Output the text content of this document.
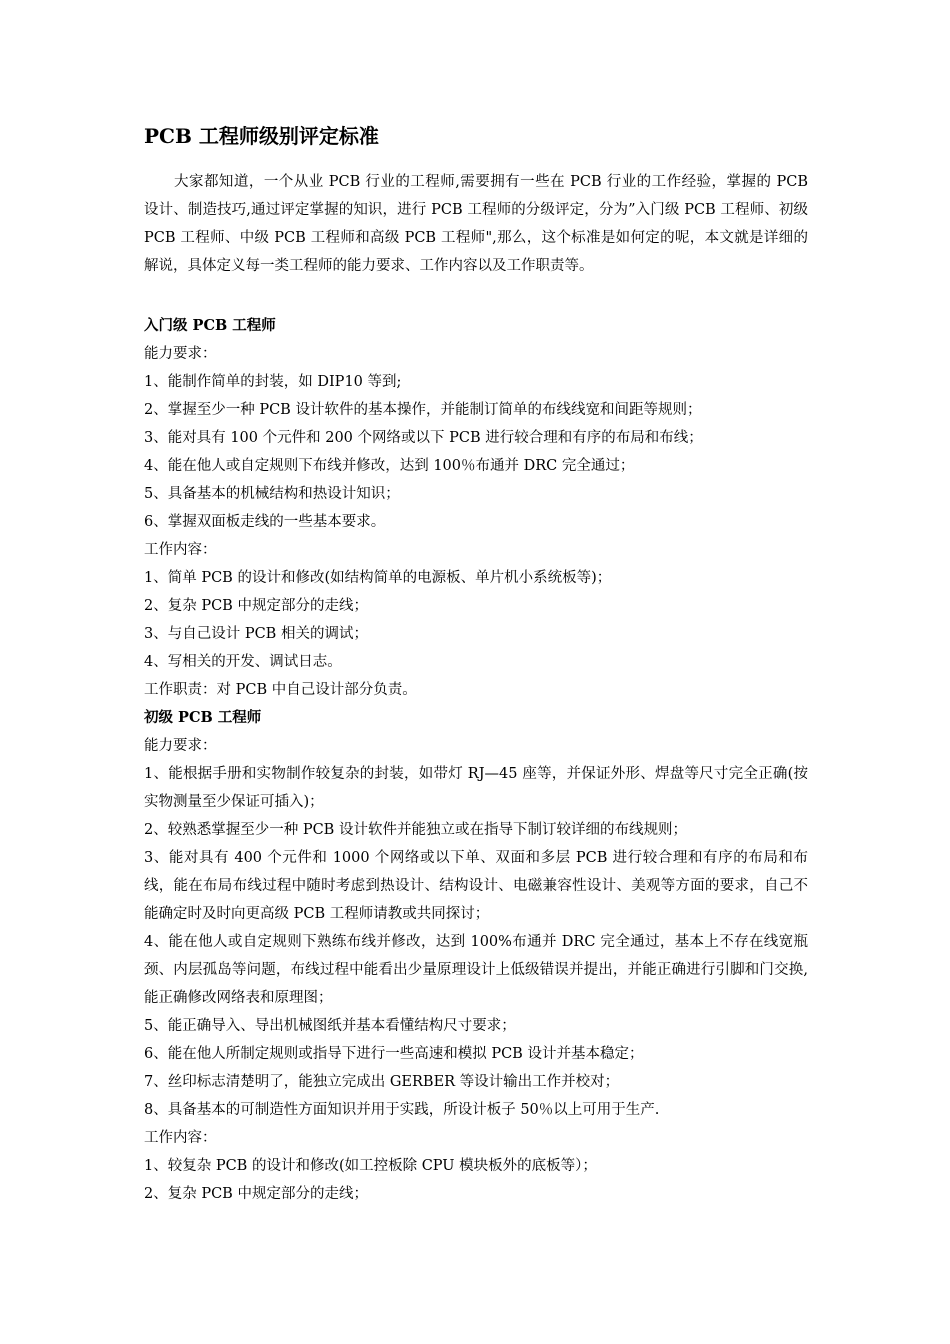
PCB 工程师级别评定标准

大家都知道，一个从业 PCB 行业的工程师,需要拥有一些在 PCB 行业的工作经验，掌握的 PCB 设计、制造技巧,通过评定掌握的知识，进行 PCB 工程师的分级评定，分为”入门级 PCB 工程师、初级 PCB 工程师、中级 PCB 工程师和高级 PCB 工程师",那么，这个标准是如何定的呢，本文就是详细的解说，具体定义每一类工程师的能力要求、工作内容以及工作职责等。

入门级 PCB 工程师

能力要求：

1、能制作简单的封装，如 DIP10 等到;

2、掌握至少一种 PCB 设计软件的基本操作，并能制订简单的布线线宽和间距等规则；

3、能对具有 100 个元件和 200 个网络或以下 PCB 进行较合理和有序的布局和布线；

4、能在他人或自定规则下布线并修改，达到 100％布通并 DRC 完全通过；

5、具备基本的机械结构和热设计知识；

6、掌握双面板走线的一些基本要求。

工作内容：

1、简单 PCB 的设计和修改(如结构简单的电源板、单片机小系统板等)；

2、复杂 PCB 中规定部分的走线；

3、与自己设计 PCB 相关的调试；

4、写相关的开发、调试日志。

工作职责：对 PCB 中自己设计部分负责。

初级 PCB 工程师

能力要求：

1、能根据手册和实物制作较复杂的封装，如带灯 RJ—45 座等，并保证外形、焊盘等尺寸完全正确(按实物测量至少保证可插入)；

2、较熟悉掌握至少一种 PCB 设计软件并能独立或在指导下制订较详细的布线规则；

3、能对具有 400 个元件和 1000 个网络或以下单、双面和多层 PCB 进行较合理和有序的布局和布线，能在布局布线过程中随时考虑到热设计、结构设计、电磁兼容性设计、美观等方面的要求，自己不能确定时及时向更高级 PCB 工程师请教或共同探讨；

4、能在他人或自定规则下熟练布线并修改，达到 100%布通并 DRC 完全通过，基本上不存在线宽瓶颈、内层孤岛等问题，布线过程中能看出少量原理设计上低级错误并提出，并能正确进行引脚和门交换,能正确修改网络表和原理图；

5、能正确导入、导出机械图纸并基本看懂结构尺寸要求；

6、能在他人所制定规则或指导下进行一些高速和模拟 PCB 设计并基本稳定；

7、丝印标志清楚明了，能独立完成出 GERBER 等设计输出工作并校对；

8、具备基本的可制造性方面知识并用于实践，所设计板子 50％以上可用于生产.

工作内容：

1、较复杂 PCB 的设计和修改(如工控板除 CPU 模块板外的底板等）；

2、复杂 PCB 中规定部分的走线；
